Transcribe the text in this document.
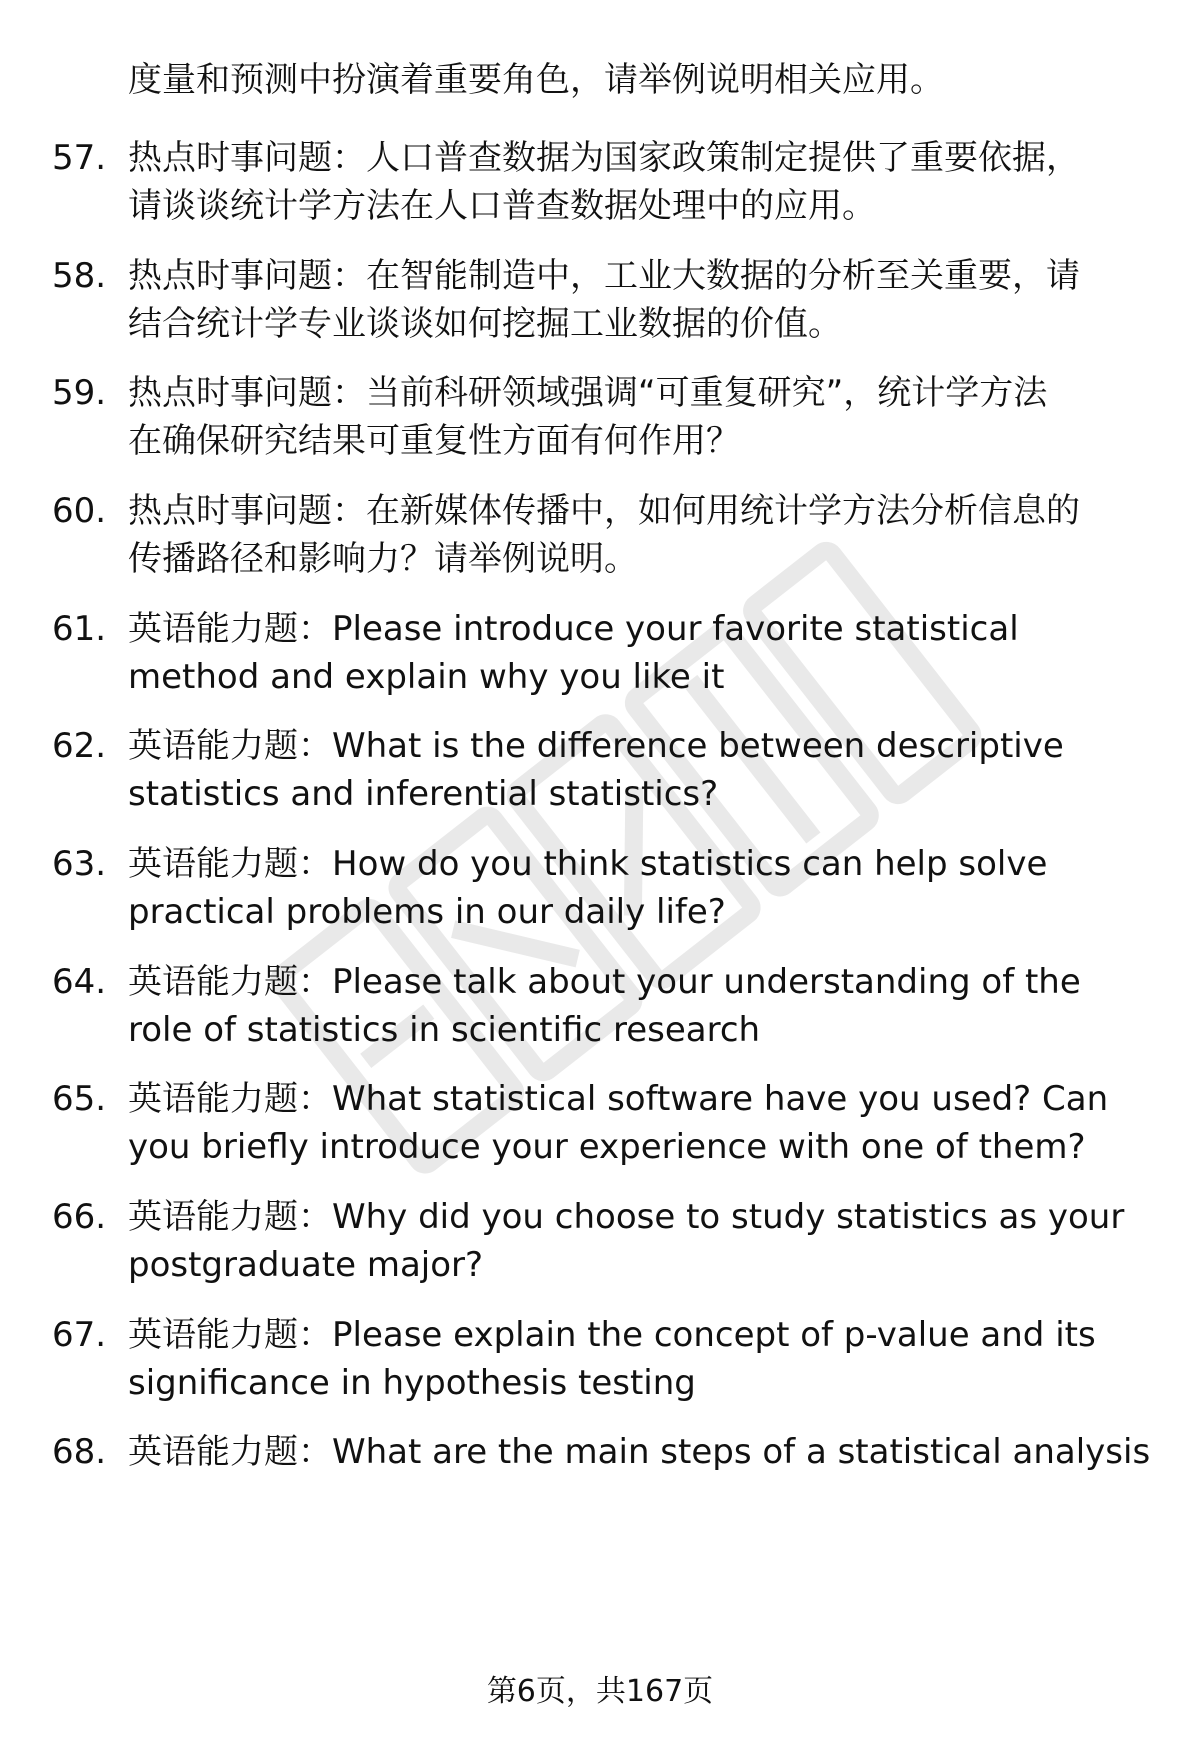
度量和预测中扮演着重要角色，请举例说明相关应用。
57. 热点时事问题：人口普查数据为国家政策制定提供了重要依据，
请谈谈统计学方法在人口普查数据处理中的应用。
58. 热点时事问题：在智能制造中，工业大数据的分析至关重要，请
结合统计学专业谈谈如何挖掘工业数据的价值。
59. 热点时事问题：当前科研领域强调“可重复研究”，统计学方法
在确保研究结果可重复性方面有何作用？
60. 热点时事问题：在新媒体传播中，如何用统计学方法分析信息的
传播路径和影响力？请举例说明。
61. 英语能力题：Please introduce your favorite statistical
method and explain why you like it
62. 英语能力题：What is the difference between descriptive
statistics and inferential statistics?
63. 英语能力题：How do you think statistics can help solve
practical problems in our daily life?
64. 英语能力题：Please talk about your understanding of the
role of statistics in scientific research
65. 英语能力题：What statistical software have you used? Can
you briefly introduce your experience with one of them?
66. 英语能力题：Why did you choose to study statistics as your
postgraduate major?
67. 英语能力题：Please explain the concept of p-value and its
significance in hypothesis testing
68. 英语能力题：What are the main steps of a statistical analysis
第6页，共167页
